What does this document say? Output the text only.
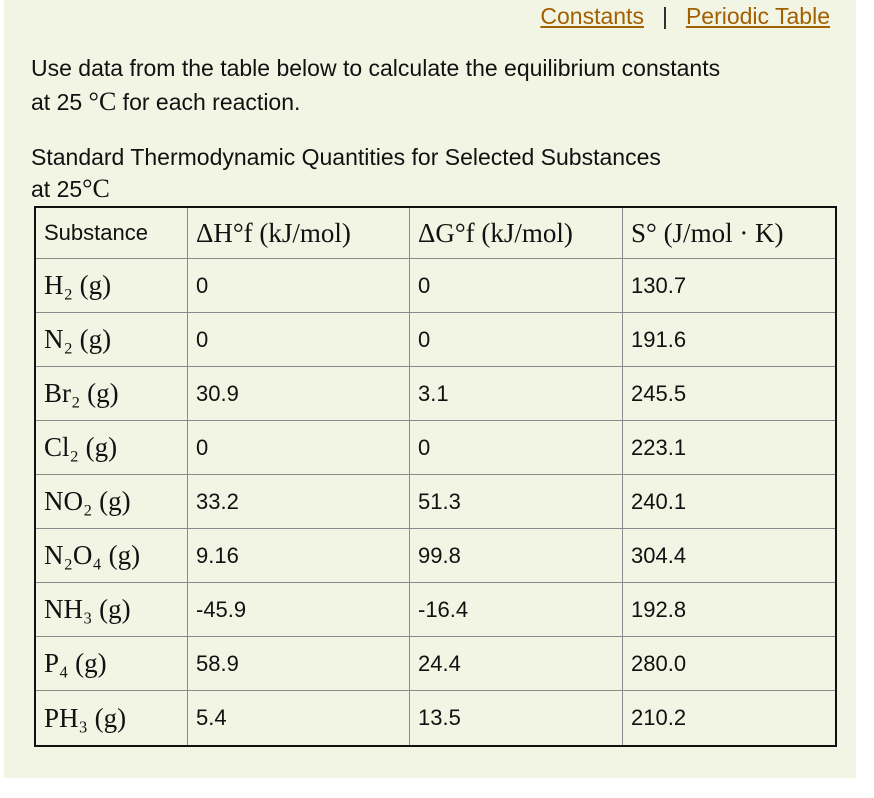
Constants | Periodic Table
Use data from the table below to calculate the equilibrium constants
at 25 °C for each reaction.
Standard Thermodynamic Quantities for Selected Substances
at 25°C
Substance	ΔH°f (kJ/mol)	ΔG°f (kJ/mol)	S° (J/mol · K)
H₂ (g)	0	0	130.7
N₂ (g)	0	0	191.6
Br₂ (g)	30.9	3.1	245.5
Cl₂ (g)	0	0	223.1
NO₂ (g)	33.2	51.3	240.1
N₂O₄ (g)	9.16	99.8	304.4
NH₃ (g)	-45.9	-16.4	192.8
P₄ (g)	58.9	24.4	280.0
PH₃ (g)	5.4	13.5	210.2
